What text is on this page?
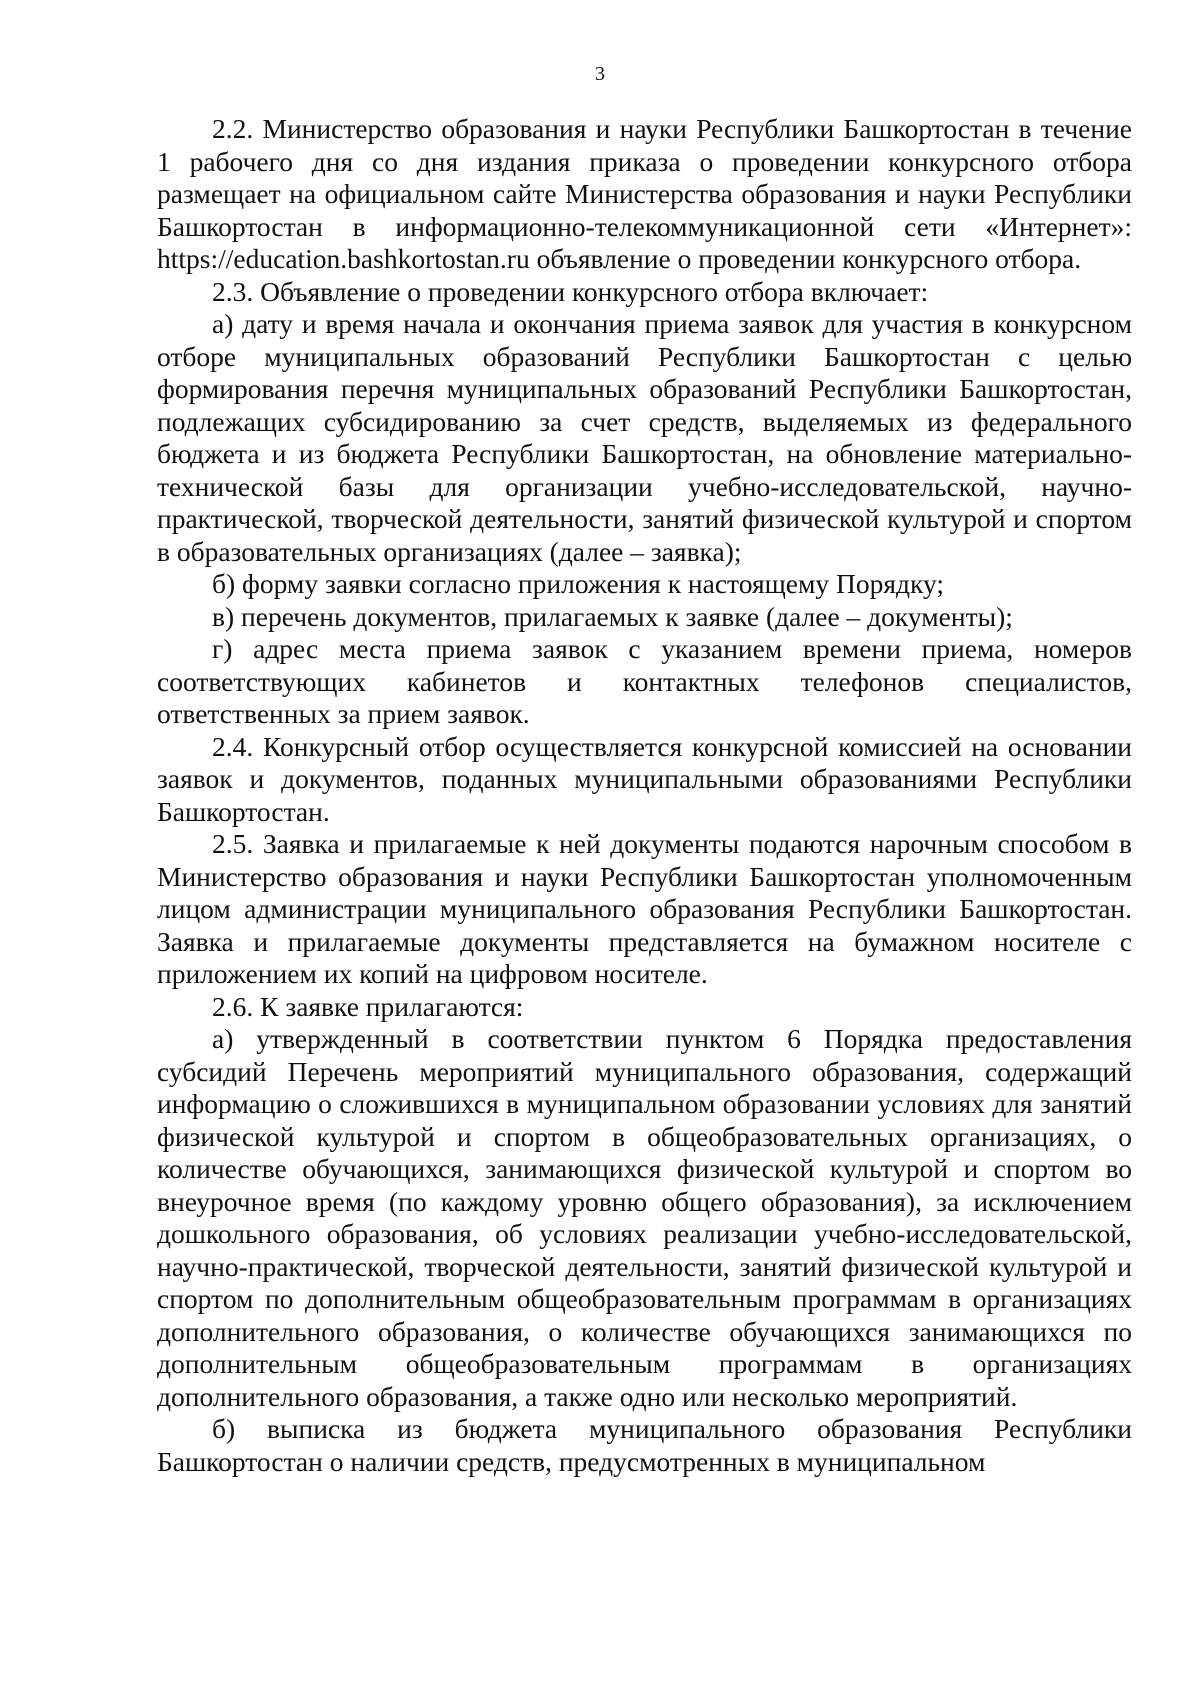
3

2.2. Министерство образования и науки Республики Башкортостан в течение 1 рабочего дня со дня издания приказа о проведении конкурсного отбора размещает на официальном сайте Министерства образования и науки Республики Башкортостан в информационно-телекоммуникационной сети «Интернет»: https://education.bashkortostan.ru объявление о проведении конкурсного отбора.

2.3. Объявление о проведении конкурсного отбора включает:

а) дату и время начала и окончания приема заявок для участия в конкурсном отборе муниципальных образований Республики Башкортостан с целью формирования перечня муниципальных образований Республики Башкортостан, подлежащих субсидированию за счет средств, выделяемых из федерального бюджета и из бюджета Республики Башкортостан, на обновление материально-технической базы для организации учебно-исследовательской, научно-практической, творческой деятельности, занятий физической культурой и спортом в образовательных организациях (далее – заявка);

б) форму заявки согласно приложения к настоящему Порядку;

в) перечень документов, прилагаемых к заявке (далее – документы);

г) адрес места приема заявок с указанием времени приема, номеров соответствующих кабинетов и контактных телефонов специалистов, ответственных за прием заявок.

2.4. Конкурсный отбор осуществляется конкурсной комиссией на основании заявок и документов, поданных муниципальными образованиями Республики Башкортостан.

2.5. Заявка и прилагаемые к ней документы подаются нарочным способом в Министерство образования и науки Республики Башкортостан уполномоченным лицом администрации муниципального образования Республики Башкортостан. Заявка и прилагаемые документы представляется на бумажном носителе с приложением их копий на цифровом носителе.

2.6. К заявке прилагаются:

а) утвержденный в соответствии пунктом 6 Порядка предоставления субсидий Перечень мероприятий муниципального образования, содержащий информацию о сложившихся в муниципальном образовании условиях для занятий физической культурой и спортом в общеобразовательных организациях, о количестве обучающихся, занимающихся физической культурой и спортом во внеурочное время (по каждому уровню общего образования), за исключением дошкольного образования, об условиях реализации учебно-исследовательской, научно-практической, творческой деятельности, занятий физической культурой и спортом по дополнительным общеобразовательным программам в организациях дополнительного образования, о количестве обучающихся занимающихся по дополнительным общеобразовательным программам в организациях дополнительного образования, а также одно или несколько мероприятий.

б) выписка из бюджета муниципального образования Республики Башкортостан о наличии средств, предусмотренных в муниципальном
